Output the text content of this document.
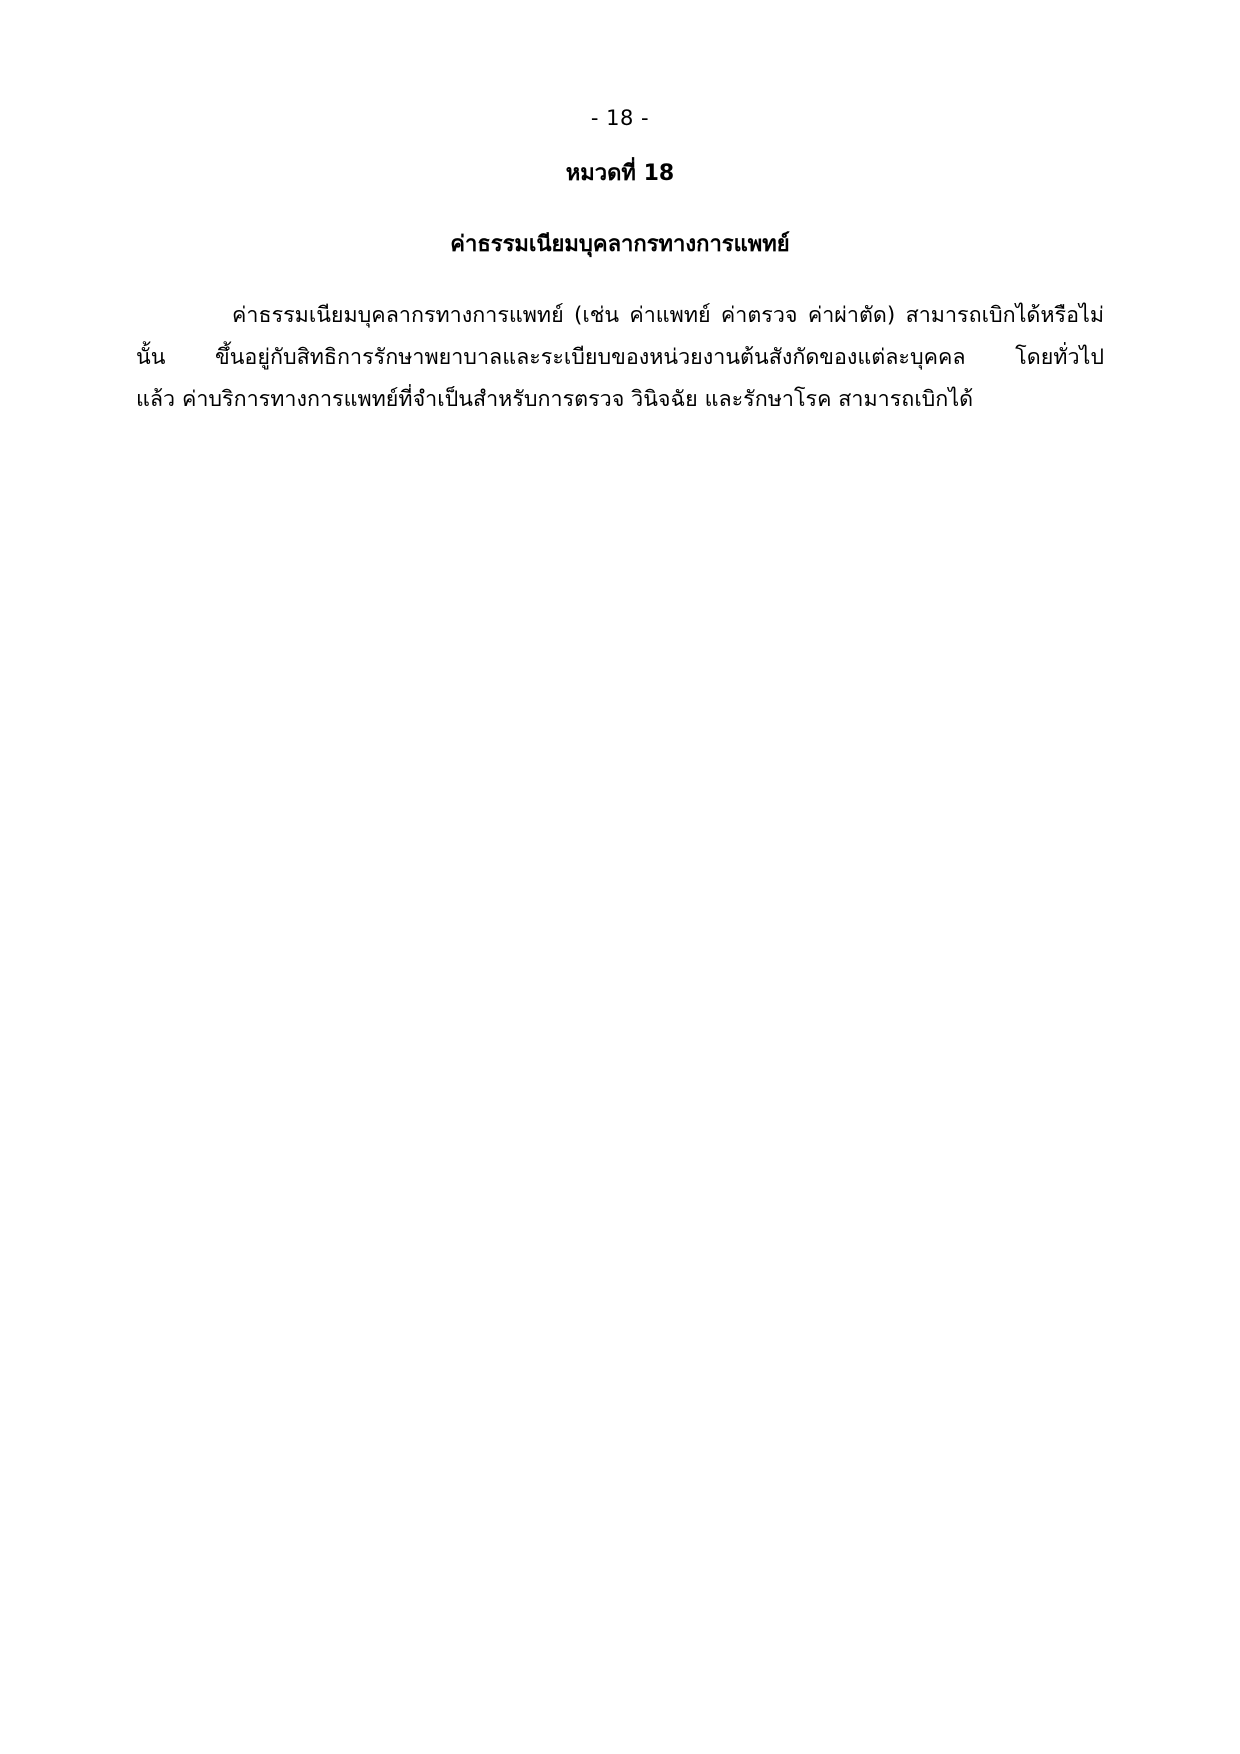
- 18 -
หมวดที่ 18
ค่าธรรมเนียมบุคลากรทางการแพทย์
ค่าธรรมเนียมบุคลากรทางการแพทย์ (เช่น ค่าแพทย์ ค่าตรวจ ค่าผ่าตัด) สามารถเบิกได้หรือไม่
นั้น ขึ้นอยู่กับสิทธิการรักษาพยาบาลและระเบียบของหน่วยงานต้นสังกัดของแต่ละบุคคล โดยทั่วไป
แล้ว ค่าบริการทางการแพทย์ที่จำเป็นสำหรับการตรวจ วินิจฉัย และรักษาโรค สามารถเบิกได้
